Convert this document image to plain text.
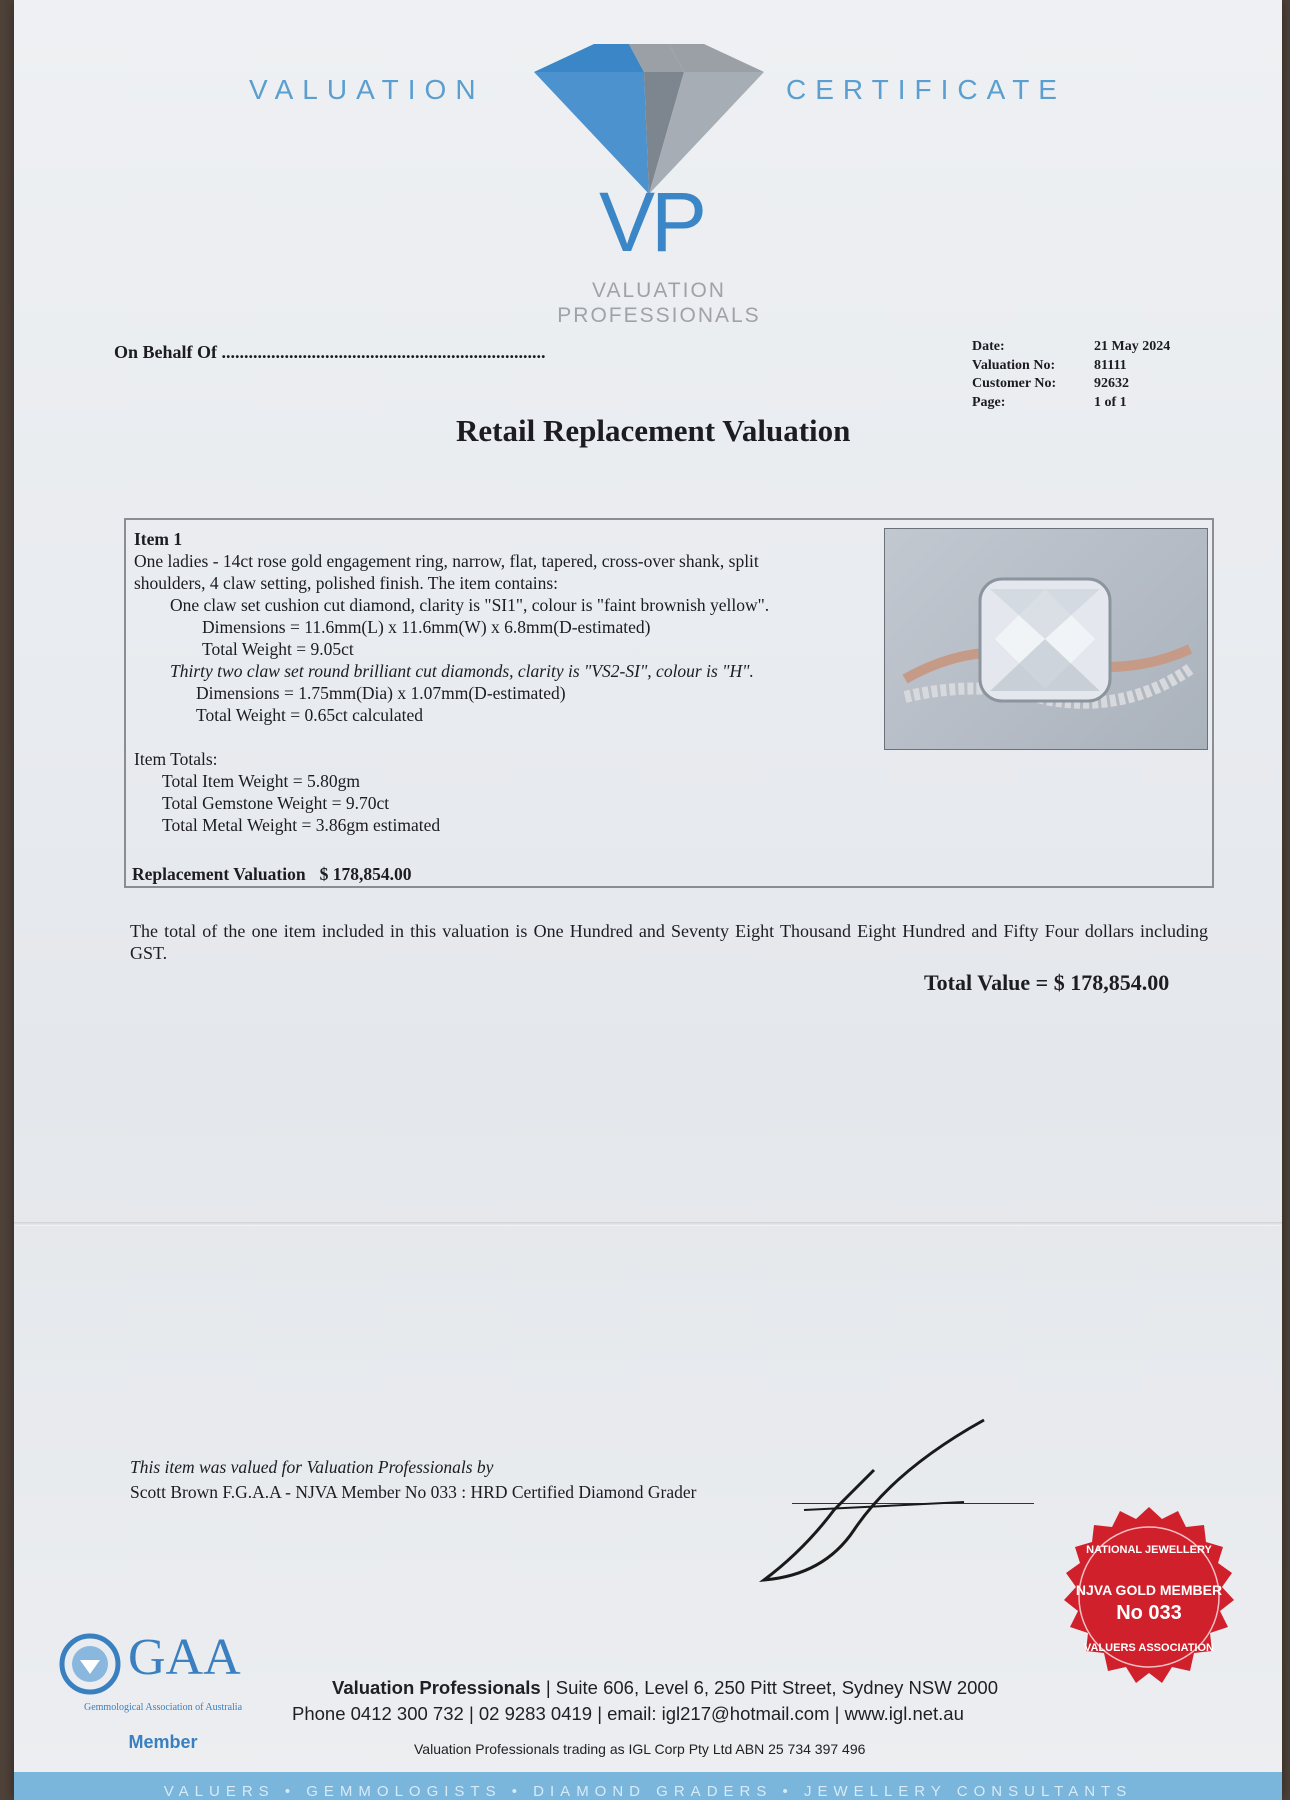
VALUATION	CERTIFICATE
VP
VALUATION
PROFESSIONALS
On Behalf Of ........................................................................	Date:	21 May 2024
Valuation No:	81111
Customer No:	92632
Page:	1 of 1
Retail Replacement Valuation
Item 1
One ladies - 14ct rose gold engagement ring, narrow, flat, tapered, cross-over shank, split
shoulders, 4 claw setting, polished finish. The item contains:
One claw set cushion cut diamond, clarity is "SI1", colour is "faint brownish yellow".
Dimensions = 11.6mm(L) x 11.6mm(W) x 6.8mm(D-estimated)
Total Weight = 9.05ct
Thirty two claw set round brilliant cut diamonds, clarity is "VS2-SI", colour is "H".
Dimensions = 1.75mm(Dia) x 1.07mm(D-estimated)
Total Weight = 0.65ct calculated
Item Totals:
Total Item Weight = 5.80gm
Total Gemstone Weight = 9.70ct
Total Metal Weight = 3.86gm estimated
Replacement Valuation $ 178,854.00
The total of the one item included in this valuation is One Hundred and Seventy Eight Thousand Eight Hundred and Fifty Four dollars including GST.
Total Value = $ 178,854.00
This item was valued for Valuation Professionals by
Scott Brown F.G.A.A - NJVA Member No 033 : HRD Certified Diamond Grader
NATIONAL JEWELLERY
NJVA GOLD MEMBER
No 033
VALUERS ASSOCIATION
GAA
Gemmological Association of Australia
Member
Valuation Professionals | Suite 606, Level 6, 250 Pitt Street, Sydney NSW 2000
Phone 0412 300 732 | 02 9283 0419 | email: igl217@hotmail.com | www.igl.net.au
Valuation Professionals trading as IGL Corp Pty Ltd ABN 25 734 397 496
VALUERS • GEMMOLOGISTS • DIAMOND GRADERS • JEWELLERY CONSULTANTS
